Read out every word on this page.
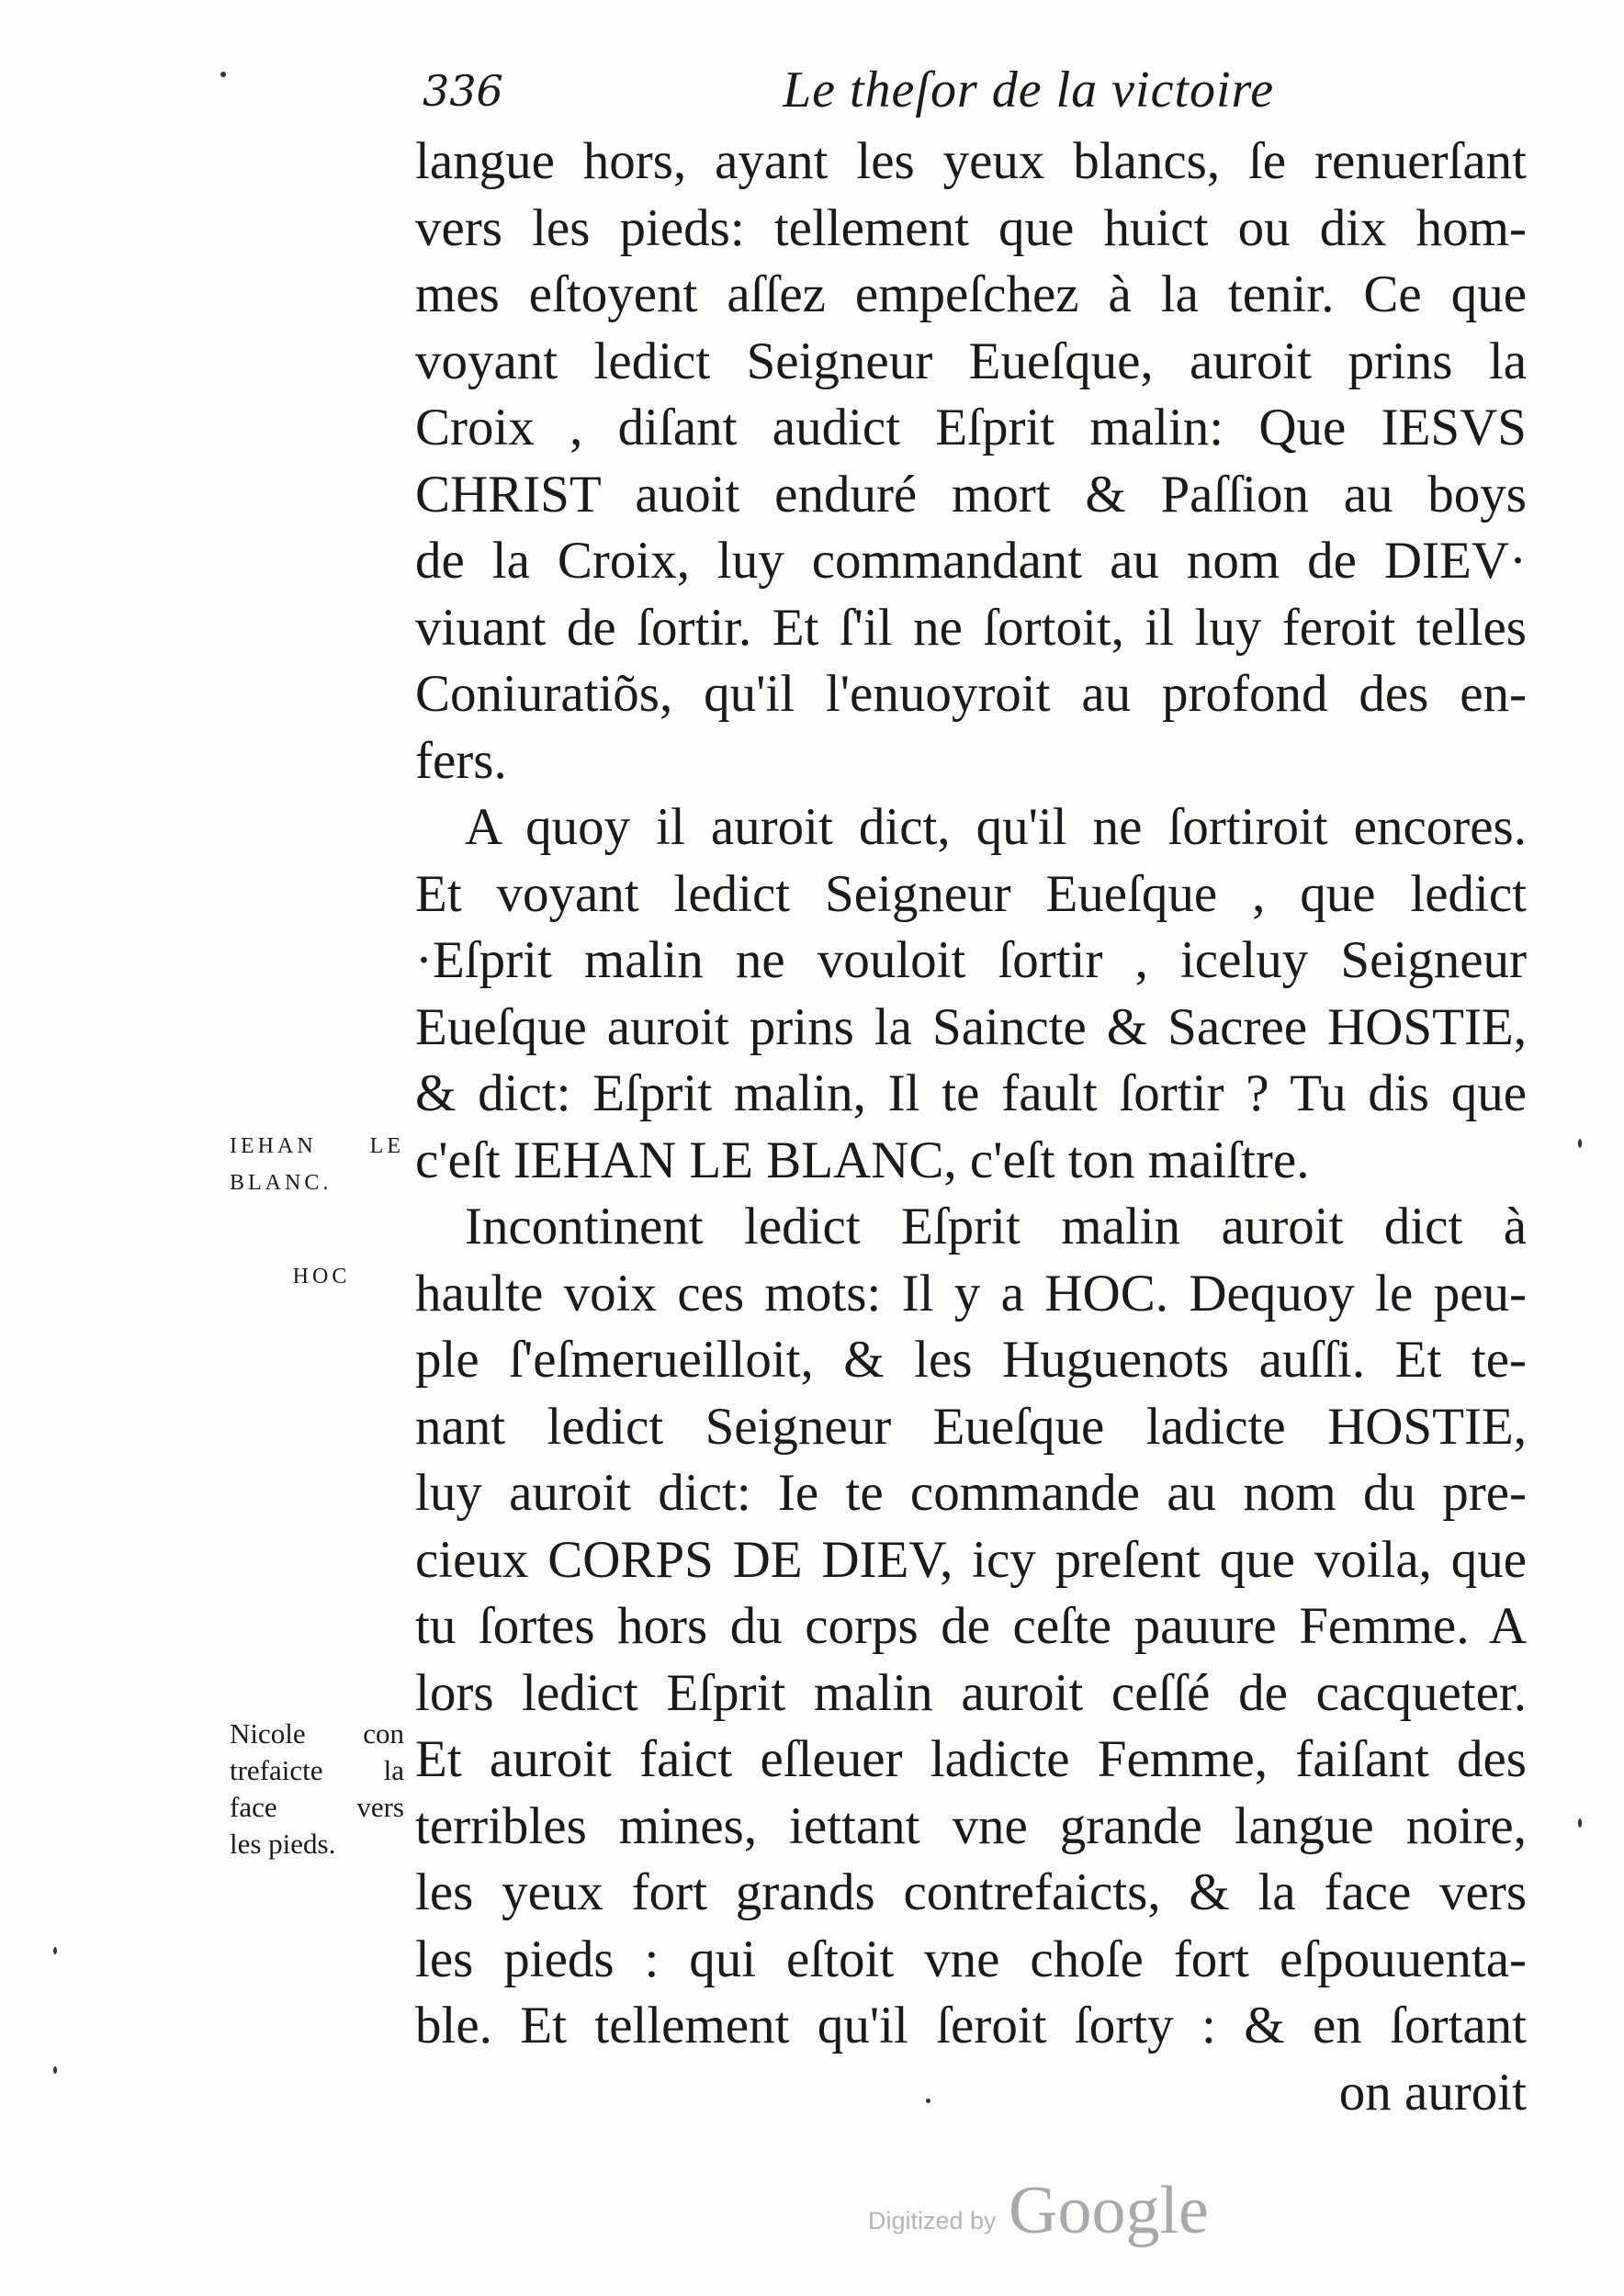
336	Le theſor de la victoire
langue hors, ayant les yeux blancs, ſe renuerſant
vers les pieds: tellement que huict ou dix hom-
mes eſtoyent aſſez empeſchez à la tenir. Ce que
voyant ledict Seigneur Eueſque, auroit prins la
Croix , diſant audict Eſprit malin: Que IESVS
CHRIST auoit enduré mort & Paſſion au boys
de la Croix, luy commandant au nom de DIEV·
viuant de ſortir. Et ſ'il ne ſortoit, il luy feroit telles
Coniuratiõs, qu'il l'enuoyroit au profond des en-
fers.
A quoy il auroit dict, qu'il ne ſortiroit encores.
Et voyant ledict Seigneur Eueſque , que ledict
·Eſprit malin ne vouloit ſortir , iceluy Seigneur
Eueſque auroit prins la Saincte & Sacree HOSTIE,
& dict: Eſprit malin, Il te fault ſortir ? Tu dis que
c'eſt IEHAN LE BLANC, c'eſt ton maiſtre.
Incontinent ledict Eſprit malin auroit dict à
haulte voix ces mots: Il y a HOC. Dequoy le peu-
ple ſ'eſmerueilloit, & les Huguenots auſſi. Et te-
nant ledict Seigneur Eueſque ladicte HOSTIE,
luy auroit dict: Ie te commande au nom du pre-
cieux CORPS DE DIEV, icy preſent que voila, que
tu ſortes hors du corps de ceſte pauure Femme. A
lors ledict Eſprit malin auroit ceſſé de cacqueter.
Et auroit faict eſleuer ladicte Femme, faiſant des
terribles mines, iettant vne grande langue noire,
les yeux fort grands contrefaicts, & la face vers
les pieds : qui eſtoit vne choſe fort eſpouuenta-
ble. Et tellement qu'il ſeroit ſorty : & en ſortant
on auroit
IEHAN LE
BLANC.
HOC
Nicole con
trefaicte la
face vers
les pieds.
Digitized by Google
